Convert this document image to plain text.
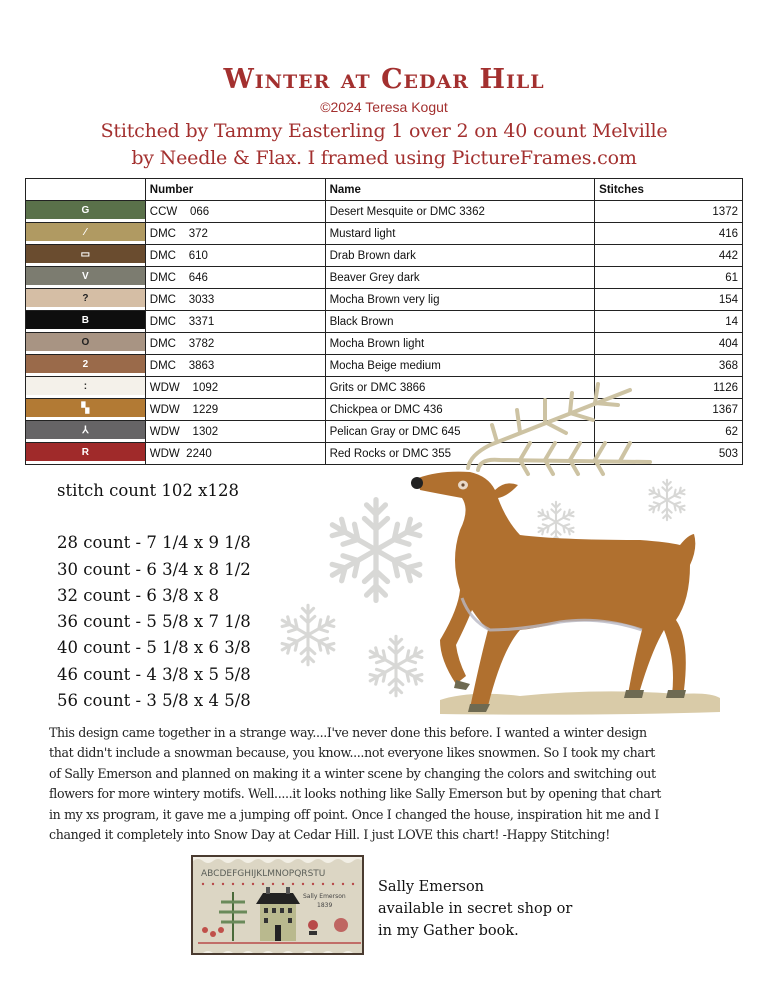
Winter at Cedar Hill
©2024 Teresa Kogut
Stitched by Tammy Easterling 1 over 2 on 40 count Melville
by Needle & Flax. I framed using PictureFrames.com
	Number	Name	Stitches

G	CCW    066	Desert Mesquite or DMC 3362	1372

⁄	DMC    372	Mustard light	416

▭	DMC    610	Drab Brown dark	442

V	DMC    646	Beaver Grey dark	61

?	DMC    3033	Mocha Brown very lig	154

B	DMC    3371	Black Brown	14

O	DMC    3782	Mocha Brown light	404

2	DMC    3863	Mocha Beige medium	368

:	WDW    1092	Grits or DMC 3866	1126

▚	WDW    1229	Chickpea or DMC 436	1367

⅄	WDW    1302	Pelican Gray or DMC 645	62

R	WDW  2240	Red Rocks or DMC 355	503
stitch count 102 x128
28 count - 7 1/4 x 9 1/8
30 count - 6 3/4 x 8 1/2
32 count - 6 3/8 x 8
36 count - 5 5/8 x 7 1/8
40 count - 5 1/8 x 6 3/8
46 count - 4 3/8 x 5 5/8
56 count - 3 5/8 x 4 5/8
This design came together in a strange way....I've never done this before. I wanted a winter design
that didn't include a snowman because, you know....not everyone likes snowmen. So I took my chart
of Sally Emerson and planned on making it a winter scene by changing the colors and switching out
flowers for more wintery motifs. Well.....it looks nothing like Sally Emerson but by opening that chart
in my xs program, it gave me a jumping off point. Once I changed the house, inspiration hit me and I
changed it completely into Snow Day at Cedar Hill. I just LOVE this chart! -Happy Stitching!
ABCDEFGHIJKLMNOPQRSTU
Sally Emerson
1839
Sally Emerson
available in secret shop or
in my Gather book.
